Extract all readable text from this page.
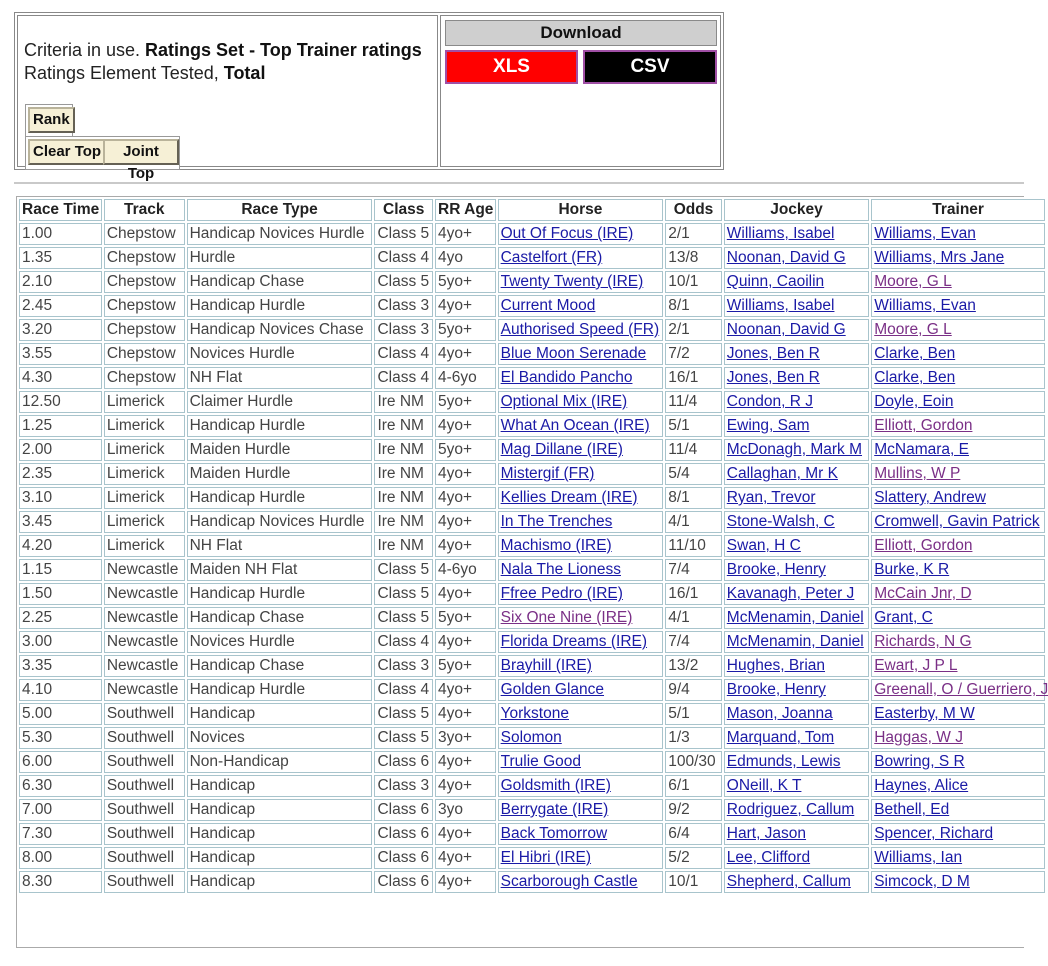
Criteria in use. Ratings Set - Top Trainer ratings
Ratings Element Tested, Total
Rank
Clear Top	Joint Top
Download
XLS	CSV
Race Time	Track	Race Type	Class	RR Age	Horse	Odds	Jockey	Trainer
1.00	Chepstow	Handicap Novices Hurdle	Class 5	4yo+	Out Of Focus (IRE)	2/1	Williams, Isabel	Williams, Evan
1.35	Chepstow	Hurdle	Class 4	4yo	Castelfort (FR)	13/8	Noonan, David G	Williams, Mrs Jane
2.10	Chepstow	Handicap Chase	Class 5	5yo+	Twenty Twenty (IRE)	10/1	Quinn, Caoilin	Moore, G L
2.45	Chepstow	Handicap Hurdle	Class 3	4yo+	Current Mood	8/1	Williams, Isabel	Williams, Evan
3.20	Chepstow	Handicap Novices Chase	Class 3	5yo+	Authorised Speed (FR)	2/1	Noonan, David G	Moore, G L
3.55	Chepstow	Novices Hurdle	Class 4	4yo+	Blue Moon Serenade	7/2	Jones, Ben R	Clarke, Ben
4.30	Chepstow	NH Flat	Class 4	4-6yo	El Bandido Pancho	16/1	Jones, Ben R	Clarke, Ben
12.50	Limerick	Claimer Hurdle	Ire NM	5yo+	Optional Mix (IRE)	11/4	Condon, R J	Doyle, Eoin
1.25	Limerick	Handicap Hurdle	Ire NM	4yo+	What An Ocean (IRE)	5/1	Ewing, Sam	Elliott, Gordon
2.00	Limerick	Maiden Hurdle	Ire NM	5yo+	Mag Dillane (IRE)	11/4	McDonagh, Mark M	McNamara, E
2.35	Limerick	Maiden Hurdle	Ire NM	4yo+	Mistergif (FR)	5/4	Callaghan, Mr K	Mullins, W P
3.10	Limerick	Handicap Hurdle	Ire NM	4yo+	Kellies Dream (IRE)	8/1	Ryan, Trevor	Slattery, Andrew
3.45	Limerick	Handicap Novices Hurdle	Ire NM	4yo+	In The Trenches	4/1	Stone-Walsh, C	Cromwell, Gavin Patrick
4.20	Limerick	NH Flat	Ire NM	4yo+	Machismo (IRE)	11/10	Swan, H C	Elliott, Gordon
1.15	Newcastle	Maiden NH Flat	Class 5	4-6yo	Nala The Lioness	7/4	Brooke, Henry	Burke, K R
1.50	Newcastle	Handicap Hurdle	Class 5	4yo+	Ffree Pedro (IRE)	16/1	Kavanagh, Peter J	McCain Jnr, D
2.25	Newcastle	Handicap Chase	Class 5	5yo+	Six One Nine (IRE)	4/1	McMenamin, Daniel	Grant, C
3.00	Newcastle	Novices Hurdle	Class 4	4yo+	Florida Dreams (IRE)	7/4	McMenamin, Daniel	Richards, N G
3.35	Newcastle	Handicap Chase	Class 3	5yo+	Brayhill (IRE)	13/2	Hughes, Brian	Ewart, J P L
4.10	Newcastle	Handicap Hurdle	Class 4	4yo+	Golden Glance	9/4	Brooke, Henry	Greenall, O / Guerriero, J
5.00	Southwell	Handicap	Class 5	4yo+	Yorkstone	5/1	Mason, Joanna	Easterby, M W
5.30	Southwell	Novices	Class 5	3yo+	Solomon	1/3	Marquand, Tom	Haggas, W J
6.00	Southwell	Non-Handicap	Class 6	4yo+	Trulie Good	100/30	Edmunds, Lewis	Bowring, S R
6.30	Southwell	Handicap	Class 3	4yo+	Goldsmith (IRE)	6/1	ONeill, K T	Haynes, Alice
7.00	Southwell	Handicap	Class 6	3yo	Berrygate (IRE)	9/2	Rodriguez, Callum	Bethell, Ed
7.30	Southwell	Handicap	Class 6	4yo+	Back Tomorrow	6/4	Hart, Jason	Spencer, Richard
8.00	Southwell	Handicap	Class 6	4yo+	El Hibri (IRE)	5/2	Lee, Clifford	Williams, Ian
8.30	Southwell	Handicap	Class 6	4yo+	Scarborough Castle	10/1	Shepherd, Callum	Simcock, D M
